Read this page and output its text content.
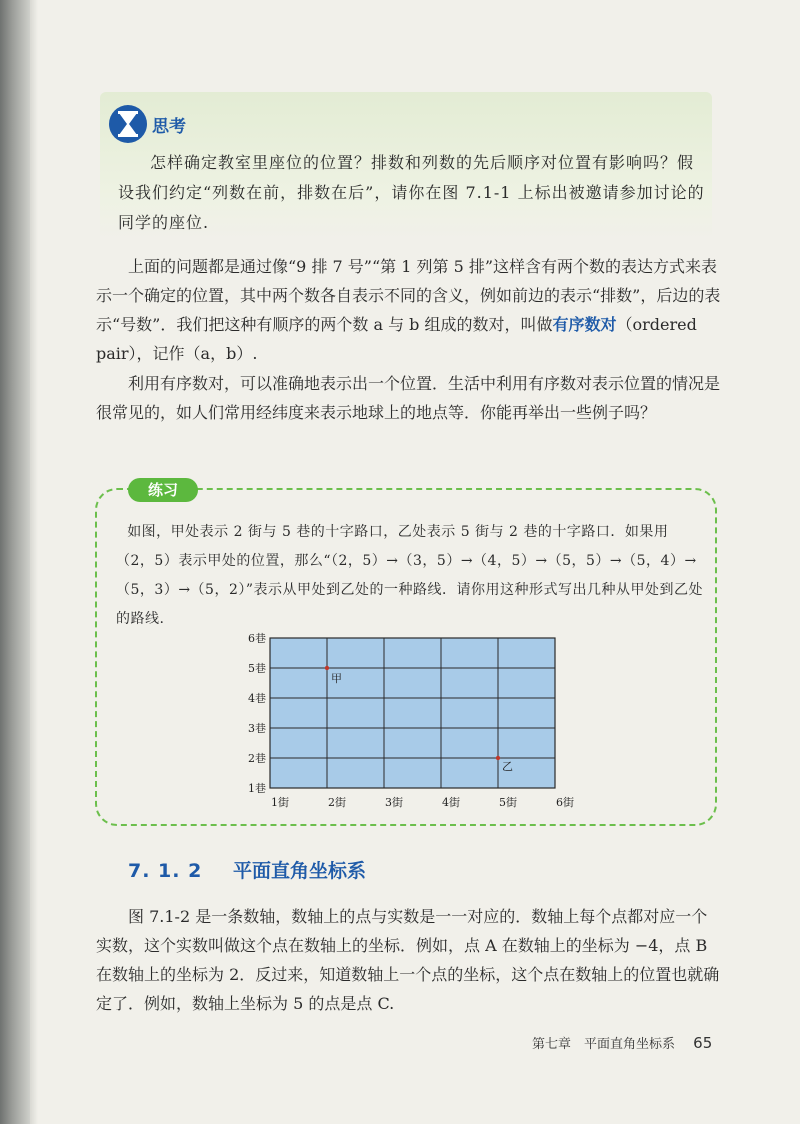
思考

怎样确定教室里座位的位置？排数和列数的先后顺序对位置有影响吗？假设我们约定“列数在前，排数在后”，请你在图 7.1-1 上标出被邀请参加讨论的同学的座位.

上面的问题都是通过像“9 排 7 号”“第 1 列第 5 排”这样含有两个数的表达方式来表示一个确定的位置，其中两个数各自表示不同的含义，例如前边的表示“排数”，后边的表示“号数”．我们把这种有顺序的两个数 a 与 b 组成的数对，叫做有序数对（ordered pair），记作（a，b）.

利用有序数对，可以准确地表示出一个位置．生活中利用有序数对表示位置的情况是很常见的，如人们常用经纬度来表示地球上的地点等．你能再举出一些例子吗？

练习

如图，甲处表示 2 街与 5 巷的十字路口，乙处表示 5 街与 2 巷的十字路口．如果用（2，5）表示甲处的位置，那么“（2，5）→（3，5）→（4，5）→（5，5）→（5，4）→（5，3）→（5，2）”表示从甲处到乙处的一种路线．请你用这种形式写出几种从甲处到乙处的路线.

1巷
2巷
3巷
4巷
5巷
6巷
1街	2街	3街	4街	5街	6街
甲
乙
7. 1. 2 平面直角坐标系

图 7.1-2 是一条数轴，数轴上的点与实数是一一对应的．数轴上每个点都对应一个实数，这个实数叫做这个点在数轴上的坐标．例如，点 A 在数轴上的坐标为 −4，点 B 在数轴上的坐标为 2．反过来，知道数轴上一个点的坐标，这个点在数轴上的位置也就确定了．例如，数轴上坐标为 5 的点是点 C.

第七章　平面直角坐标系 65
